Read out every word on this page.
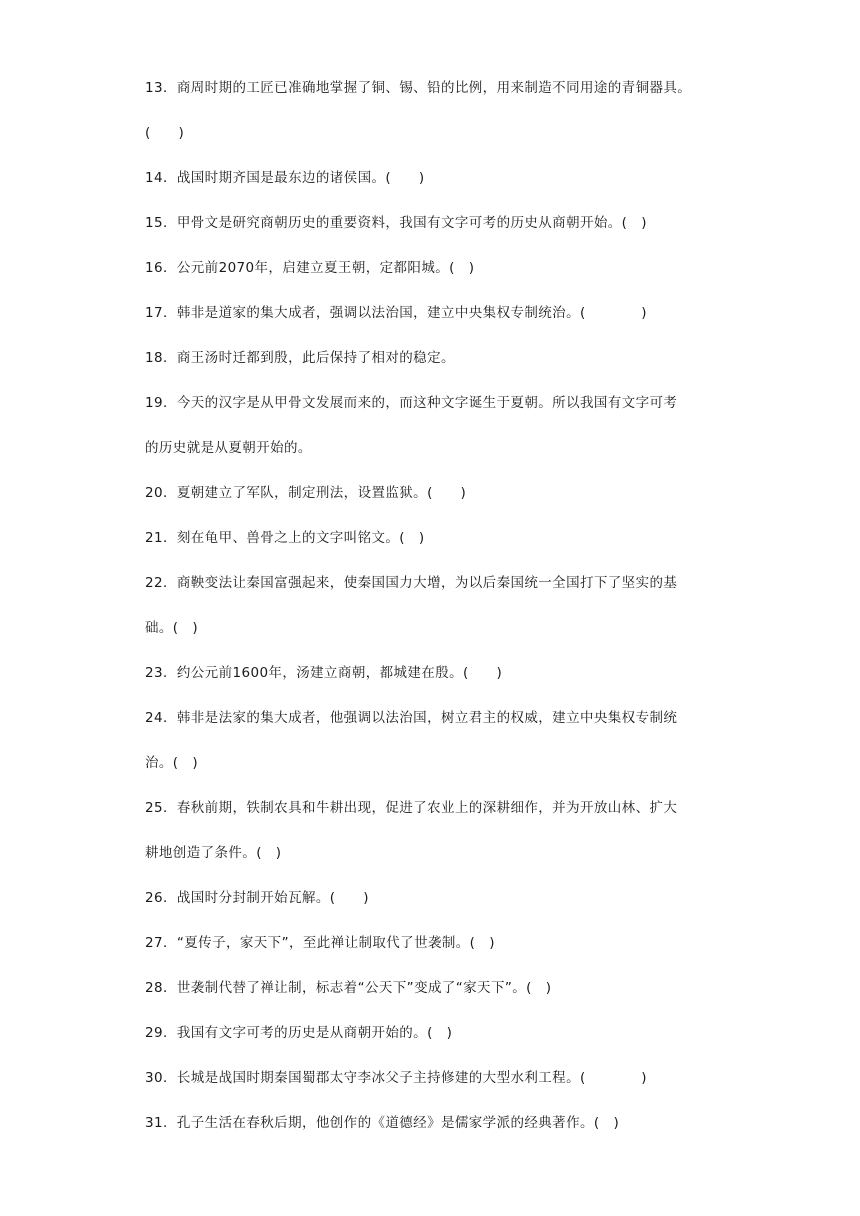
13．商周时期的工匠已准确地掌握了铜、锡、铅的比例，用来制造不同用途的青铜器具。
(　　)
14．战国时期齐国是最东边的诸侯国。(　　)
15．甲骨文是研究商朝历史的重要资料，我国有文字可考的历史从商朝开始。(　)
16．公元前2070年，启建立夏王朝，定都阳城。(　)
17．韩非是道家的集大成者，强调以法治国，建立中央集权专制统治。(　　　　)
18．商王汤时迁都到殷，此后保持了相对的稳定。
19．今天的汉字是从甲骨文发展而来的，而这种文字诞生于夏朝。所以我国有文字可考
的历史就是从夏朝开始的。
20．夏朝建立了军队，制定刑法，设置监狱。(　　)
21．刻在龟甲、兽骨之上的文字叫铭文。(　)
22．商鞅变法让秦国富强起来，使秦国国力大增，为以后秦国统一全国打下了坚实的基
础。(　)
23．约公元前1600年，汤建立商朝，都城建在殷。(　　)
24．韩非是法家的集大成者，他强调以法治国，树立君主的权威，建立中央集权专制统
治。(　)
25．春秋前期，铁制农具和牛耕出现，促进了农业上的深耕细作，并为开放山林、扩大
耕地创造了条件。(　)
26．战国时分封制开始瓦解。(　　)
27．“夏传子，家天下”，至此禅让制取代了世袭制。(　)
28．世袭制代替了禅让制，标志着“公天下”变成了“家天下”。(　)
29．我国有文字可考的历史是从商朝开始的。(　)
30．长城是战国时期秦国蜀郡太守李冰父子主持修建的大型水利工程。(　　　　)
31．孔子生活在春秋后期，他创作的《道德经》是儒家学派的经典著作。(　)
